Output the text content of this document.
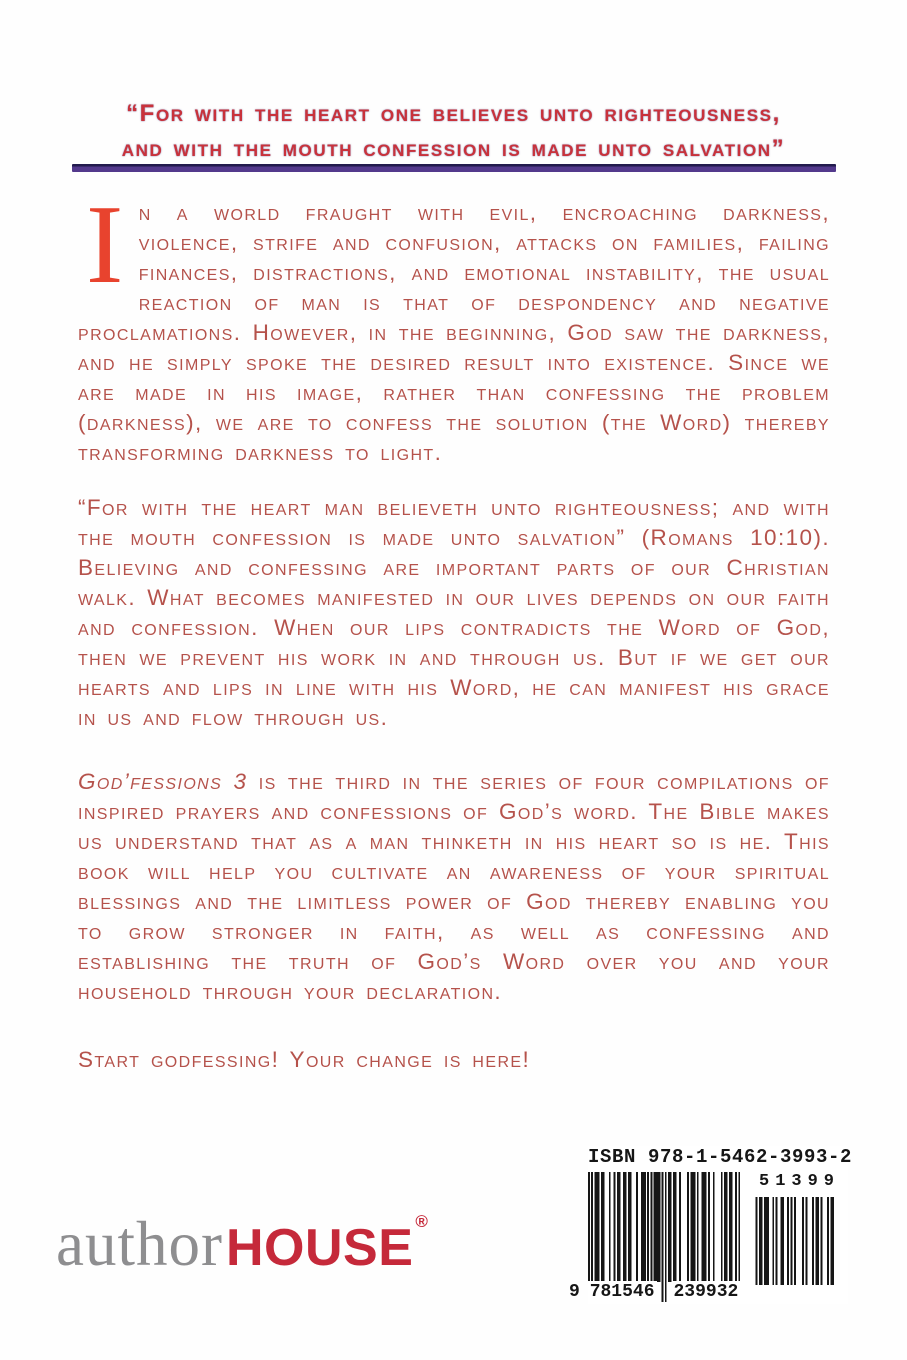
“For with the heart one believes unto righteousness,
and with the mouth confession is made unto salvation”

In a world fraught with evil, encroaching darkness, violence, strife and confusion, attacks on families, failing finances, distractions, and emotional instability, the usual reaction of man is that of despondency and negative proclamations. However, in the beginning, God saw the darkness, and he simply spoke the desired result into existence. Since we are made in his image, rather than confessing the problem (darkness), we are to confess the solution (the Word) thereby transforming darkness to light.

“For with the heart man believeth unto righteousness; and with the mouth confession is made unto salvation” (Romans 10:10). Believing and confessing are important parts of our Christian walk. What becomes manifested in our lives depends on our faith and confession. When our lips contradicts the Word of God, then we prevent his work in and through us. But if we get our hearts and lips in line with his Word, he can manifest his grace in us and flow through us.

God’fessions 3 is the third in the series of four compilations of inspired prayers and confessions of God’s word. The Bible makes us understand that as a man thinketh in his heart so is he. This book will help you cultivate an awareness of your spiritual blessings and the limitless power of God thereby enabling you to grow stronger in faith, as well as confessing and establishing the truth of God’s Word over you and your household through your declaration.

Start godfessing! Your change is here!

authorHOUSE ®
ISBN 978-1-5462-3993-2
9 781546 239932
51399
